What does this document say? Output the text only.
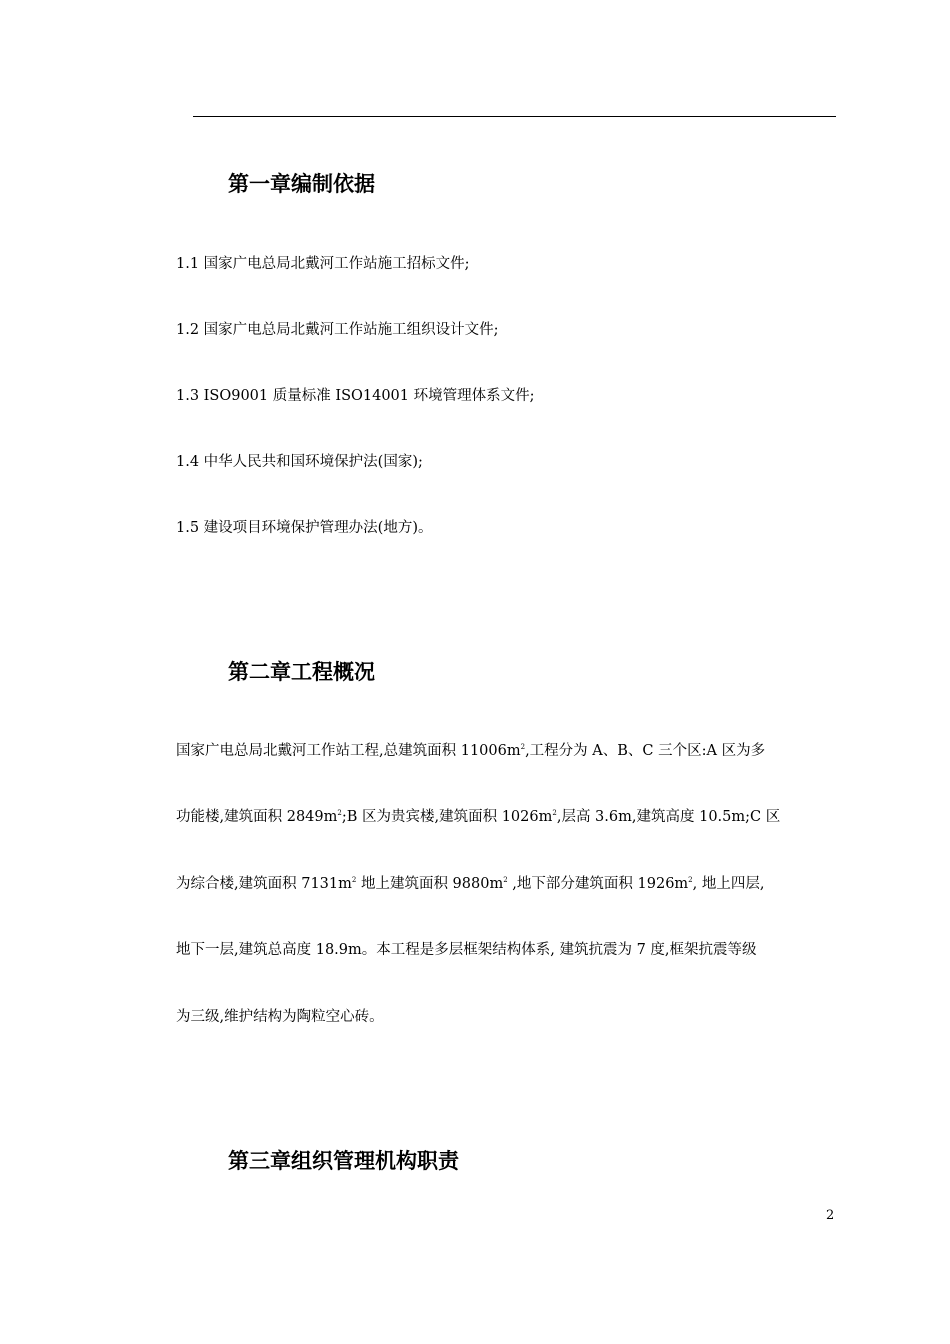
第一章编制依据
1.1 国家广电总局北戴河工作站施工招标文件;
1.2 国家广电总局北戴河工作站施工组织设计文件;
1.3 ISO9001 质量标准 ISO14001 环境管理体系文件;
1.4 中华人民共和国环境保护法(国家);
1.5 建设项目环境保护管理办法(地方)。
第二章工程概况
国家广电总局北戴河工作站工程,总建筑面积 $11006m^2$,工程分为 A、B、C 三个区:A 区为多
功能楼,建筑面积 $2849m^2;B$ 区为贵宾楼,建筑面积 $1026m^2$,层高 3.6m,建筑高度 10.5m;C 区
为综合楼,建筑面积 $7131m^2$ 地上建筑面积 $9880m^2$ ,地下部分建筑面积 $1926m^2$, 地上四层,
地下一层,建筑总高度 18.9m。本工程是多层框架结构体系, 建筑抗震为 7 度,框架抗震等级
为三级,维护结构为陶粒空心砖。
第三章组织管理机构职责
2
